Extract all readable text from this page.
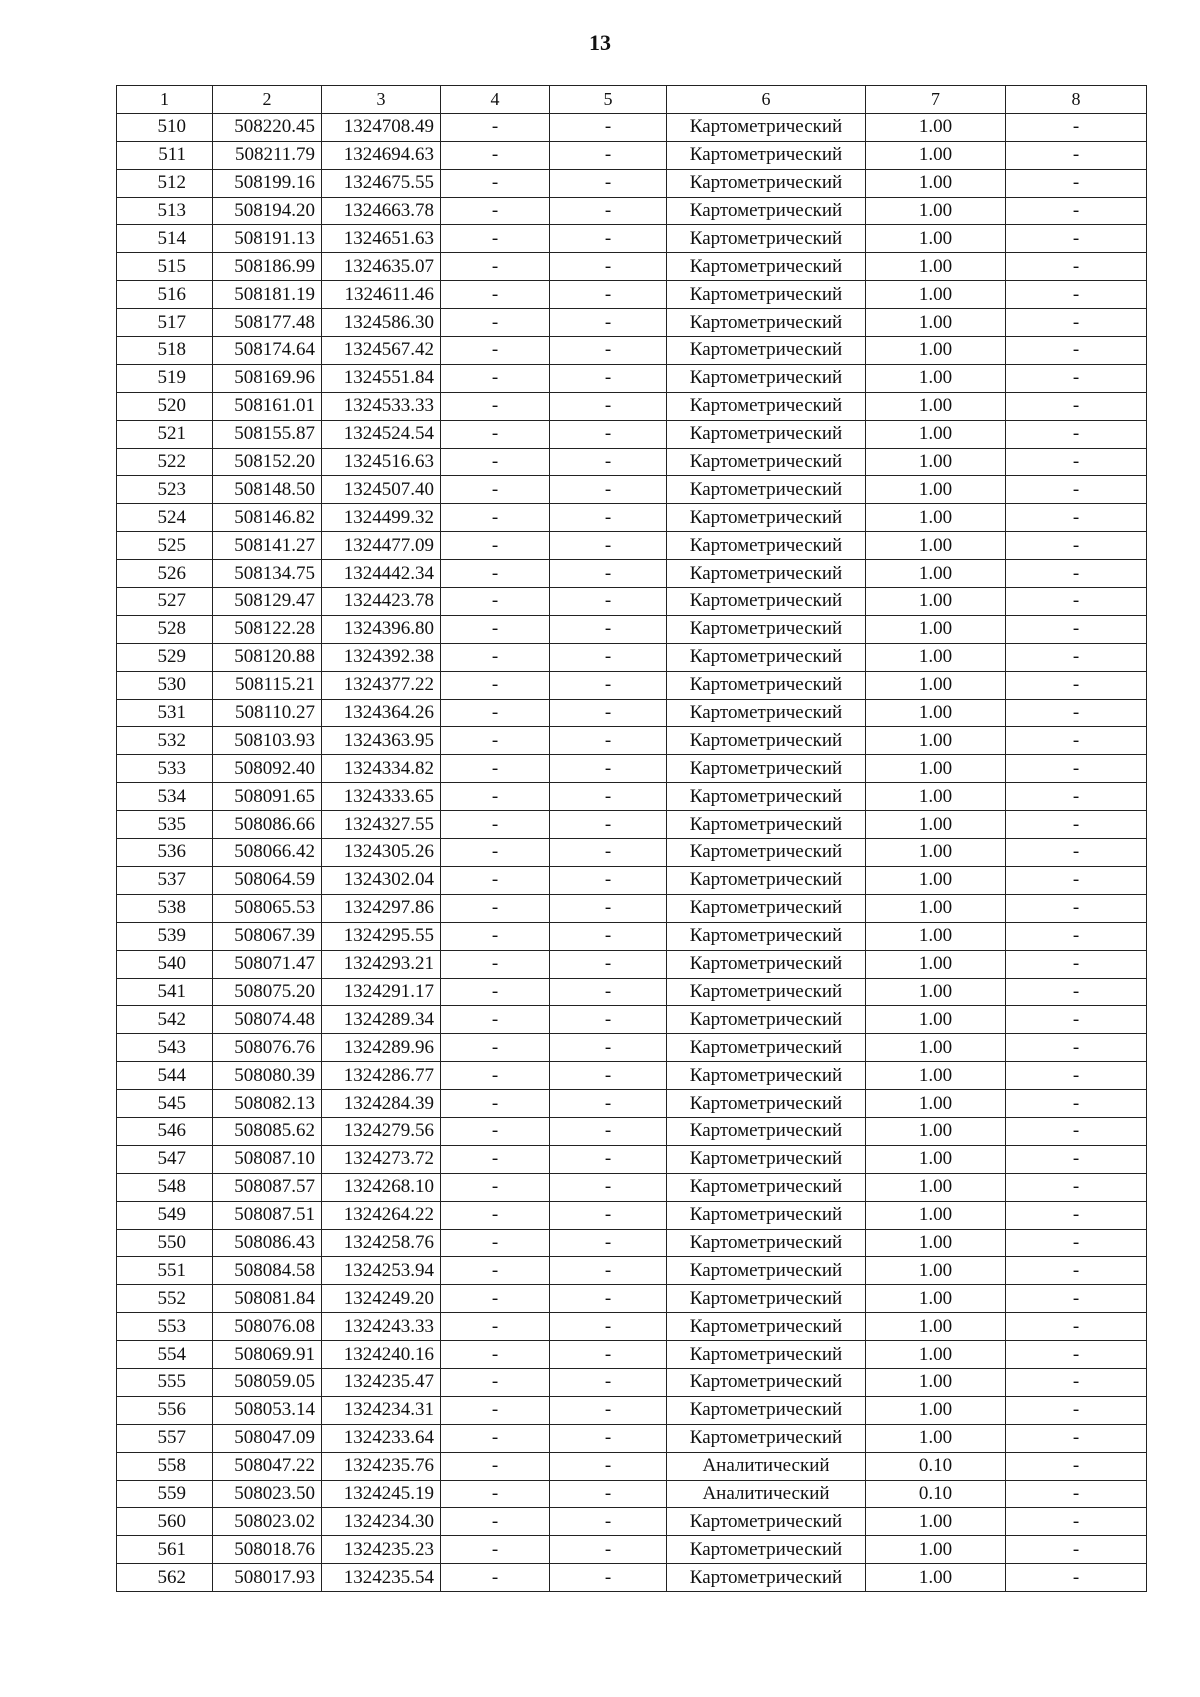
13
1	2	3	4	5	6	7	8
510	508220.45	1324708.49	-	-	Картометрический	1.00	-
511	508211.79	1324694.63	-	-	Картометрический	1.00	-
512	508199.16	1324675.55	-	-	Картометрический	1.00	-
513	508194.20	1324663.78	-	-	Картометрический	1.00	-
514	508191.13	1324651.63	-	-	Картометрический	1.00	-
515	508186.99	1324635.07	-	-	Картометрический	1.00	-
516	508181.19	1324611.46	-	-	Картометрический	1.00	-
517	508177.48	1324586.30	-	-	Картометрический	1.00	-
518	508174.64	1324567.42	-	-	Картометрический	1.00	-
519	508169.96	1324551.84	-	-	Картометрический	1.00	-
520	508161.01	1324533.33	-	-	Картометрический	1.00	-
521	508155.87	1324524.54	-	-	Картометрический	1.00	-
522	508152.20	1324516.63	-	-	Картометрический	1.00	-
523	508148.50	1324507.40	-	-	Картометрический	1.00	-
524	508146.82	1324499.32	-	-	Картометрический	1.00	-
525	508141.27	1324477.09	-	-	Картометрический	1.00	-
526	508134.75	1324442.34	-	-	Картометрический	1.00	-
527	508129.47	1324423.78	-	-	Картометрический	1.00	-
528	508122.28	1324396.80	-	-	Картометрический	1.00	-
529	508120.88	1324392.38	-	-	Картометрический	1.00	-
530	508115.21	1324377.22	-	-	Картометрический	1.00	-
531	508110.27	1324364.26	-	-	Картометрический	1.00	-
532	508103.93	1324363.95	-	-	Картометрический	1.00	-
533	508092.40	1324334.82	-	-	Картометрический	1.00	-
534	508091.65	1324333.65	-	-	Картометрический	1.00	-
535	508086.66	1324327.55	-	-	Картометрический	1.00	-
536	508066.42	1324305.26	-	-	Картометрический	1.00	-
537	508064.59	1324302.04	-	-	Картометрический	1.00	-
538	508065.53	1324297.86	-	-	Картометрический	1.00	-
539	508067.39	1324295.55	-	-	Картометрический	1.00	-
540	508071.47	1324293.21	-	-	Картометрический	1.00	-
541	508075.20	1324291.17	-	-	Картометрический	1.00	-
542	508074.48	1324289.34	-	-	Картометрический	1.00	-
543	508076.76	1324289.96	-	-	Картометрический	1.00	-
544	508080.39	1324286.77	-	-	Картометрический	1.00	-
545	508082.13	1324284.39	-	-	Картометрический	1.00	-
546	508085.62	1324279.56	-	-	Картометрический	1.00	-
547	508087.10	1324273.72	-	-	Картометрический	1.00	-
548	508087.57	1324268.10	-	-	Картометрический	1.00	-
549	508087.51	1324264.22	-	-	Картометрический	1.00	-
550	508086.43	1324258.76	-	-	Картометрический	1.00	-
551	508084.58	1324253.94	-	-	Картометрический	1.00	-
552	508081.84	1324249.20	-	-	Картометрический	1.00	-
553	508076.08	1324243.33	-	-	Картометрический	1.00	-
554	508069.91	1324240.16	-	-	Картометрический	1.00	-
555	508059.05	1324235.47	-	-	Картометрический	1.00	-
556	508053.14	1324234.31	-	-	Картометрический	1.00	-
557	508047.09	1324233.64	-	-	Картометрический	1.00	-
558	508047.22	1324235.76	-	-	Аналитический	0.10	-
559	508023.50	1324245.19	-	-	Аналитический	0.10	-
560	508023.02	1324234.30	-	-	Картометрический	1.00	-
561	508018.76	1324235.23	-	-	Картометрический	1.00	-
562	508017.93	1324235.54	-	-	Картометрический	1.00	-
